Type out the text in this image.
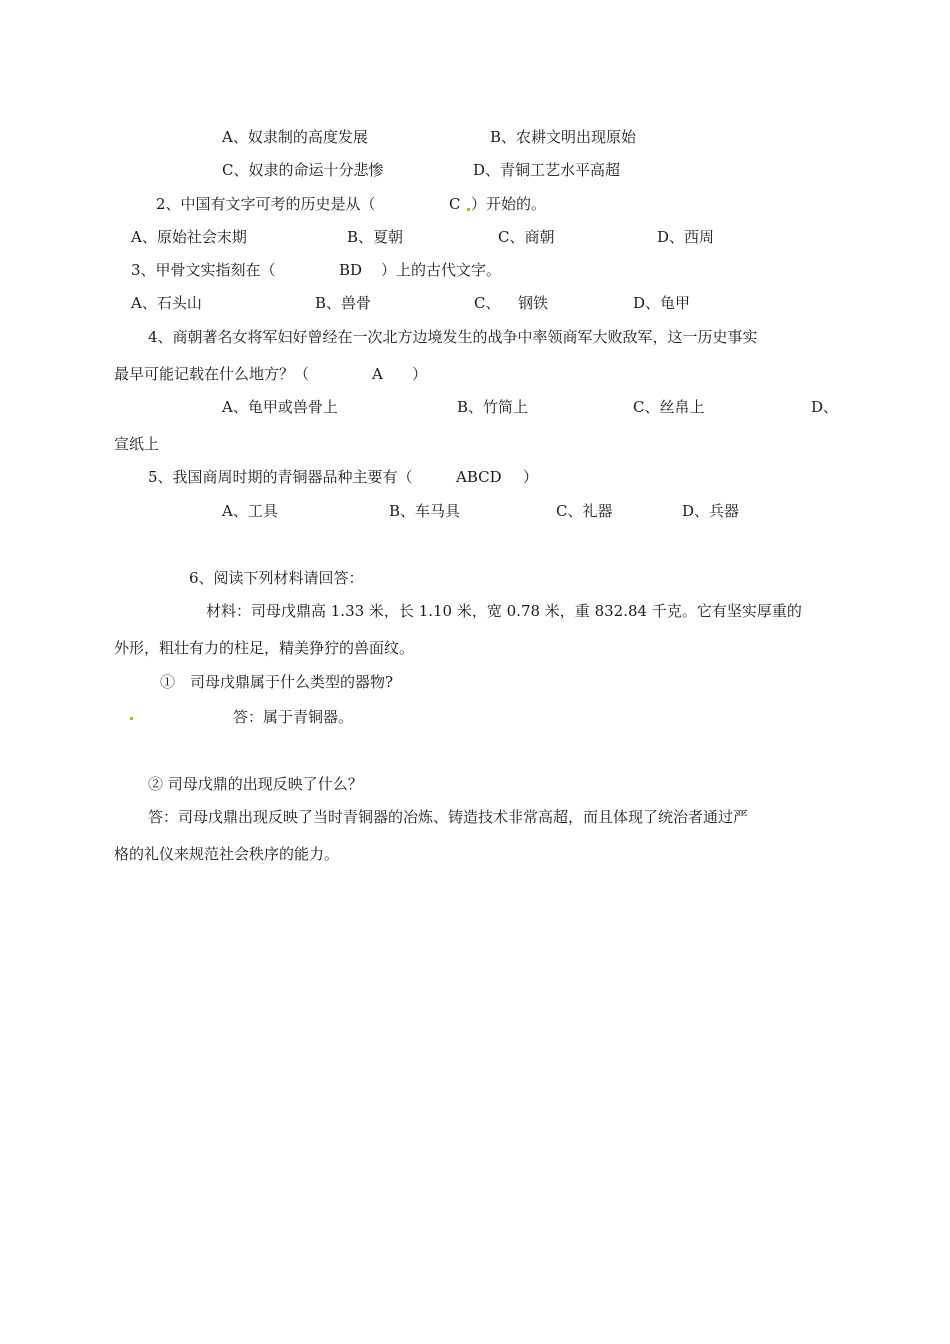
A、奴隶制的高度发展	B、农耕文明出现原始
C、奴隶的命运十分悲惨	D、青铜工艺水平高超
2、中国有文字可考的历史是从（	C ）开始的。
A、原始社会末期	B、夏朝	C、商朝	D、西周
3、甲骨文实指刻在（	BD ）上的古代文字。
A、石头山	B、兽骨	C、 钢铁	D、龟甲
4、商朝著名女将军妇好曾经在一次北方边境发生的战争中率领商军大败敌军，这一历史事实
最早可能记载在什么地方？（	A ）
A、龟甲或兽骨上	B、竹简上	C、丝帛上	D、
宣纸上
5、我国商周时期的青铜器品种主要有（	ABCD ）
A、工具	B、车马具	C、礼器	D、兵器
6、阅读下列材料请回答：
材料：司母戊鼎高 1.33 米，长 1.10 米，宽 0.78 米，重 832.84 千克。它有坚实厚重的
外形，粗壮有力的柱足，精美狰狞的兽面纹。
①　司母戊鼎属于什么类型的器物?
答：属于青铜器。
② 司母戊鼎的出现反映了什么？
答：司母戊鼎出现反映了当时青铜器的冶炼、铸造技术非常高超，而且体现了统治者通过严
格的礼仪来规范社会秩序的能力。
